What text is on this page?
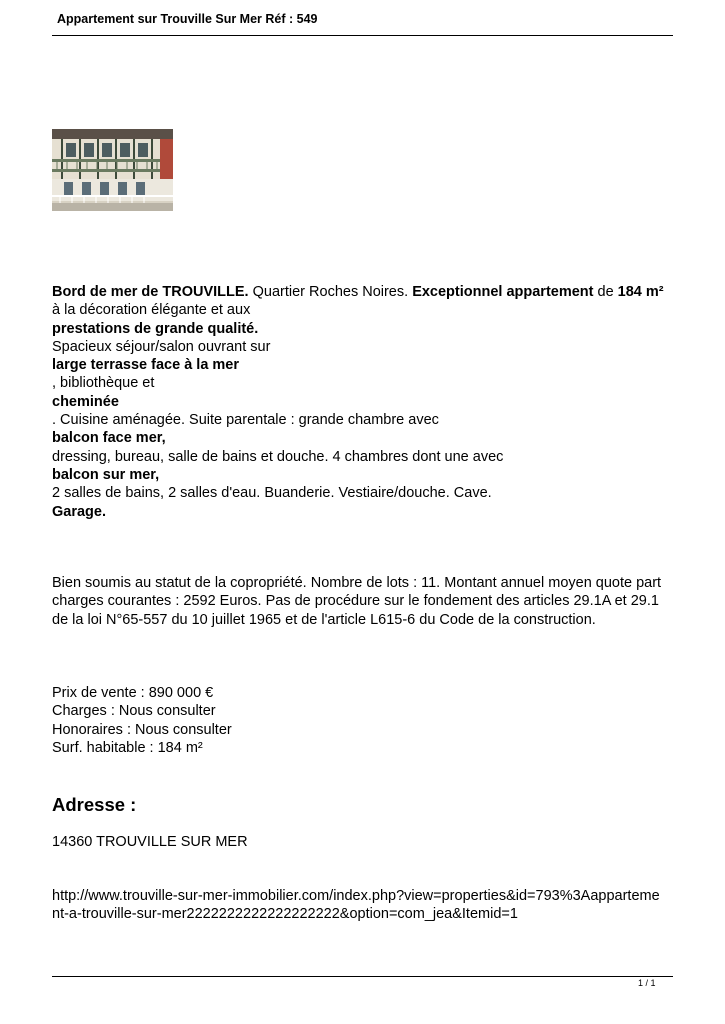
Appartement sur Trouville Sur Mer Réf : 549
Bord de mer de TROUVILLE. Quartier Roches Noires. Exceptionnel appartement de 184 m²
à la décoration élégante et aux
prestations de grande qualité.
Spacieux séjour/salon ouvrant sur
large terrasse face à la mer
, bibliothèque et
cheminée
. Cuisine aménagée. Suite parentale : grande chambre avec
balcon face mer,
dressing, bureau, salle de bains et douche. 4 chambres dont une avec
balcon sur mer,
2 salles de bains, 2 salles d'eau. Buanderie. Vestiaire/douche. Cave.
Garage.
Bien soumis au statut de la copropriété. Nombre de lots : 11. Montant annuel moyen quote part
charges courantes : 2592 Euros. Pas de procédure sur le fondement des articles 29.1A et 29.1
de la loi N°65-557 du 10 juillet 1965 et de l'article L615-6 du Code de la construction.
Prix de vente : 890 000 €
Charges : Nous consulter
Honoraires : Nous consulter
Surf. habitable : 184 m²
Adresse :
14360 TROUVILLE SUR MER
http://www.trouville-sur-mer-immobilier.com/index.php?view=properties&id=793%3Aapparteme
nt-a-trouville-sur-mer2222222222222222222&option=com_jea&Itemid=1
1 / 1
